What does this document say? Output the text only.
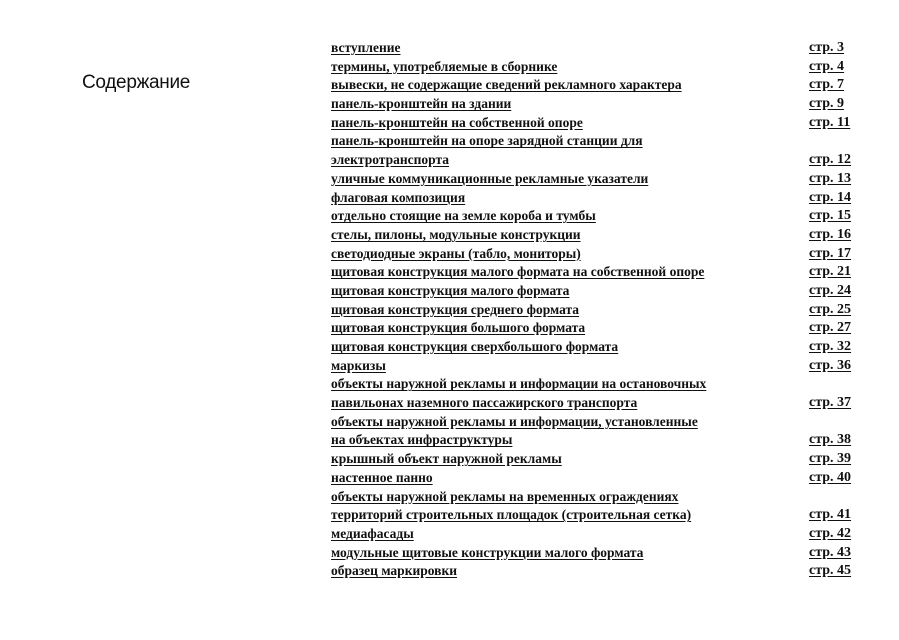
Содержание
вступление	стр. 3
термины, употребляемые в сборнике	стр. 4
вывески, не содержащие сведений рекламного характера	стр. 7
панель-кронштейн на здании	стр. 9
панель-кронштейн на собственной опоре	стр. 11
панель-кронштейн на опоре зарядной станции для
электротранспорта	стр. 12
уличные коммуникационные рекламные указатели	стр. 13
флаговая композиция	стр. 14
отдельно стоящие на земле короба и тумбы	стр. 15
стелы, пилоны, модульные конструкции	стр. 16
светодиодные экраны (табло, мониторы)	стр. 17
щитовая конструкция малого формата на собственной опоре	стр. 21
щитовая конструкция малого формата	стр. 24
щитовая конструкция среднего формата	стр. 25
щитовая конструкция большого формата	стр. 27
щитовая конструкция сверхбольшого формата	стр. 32
маркизы	стр. 36
объекты наружной рекламы и информации на остановочных
павильонах наземного пассажирского транспорта	стр. 37
объекты наружной рекламы и информации, установленные
на объектах инфраструктуры	стр. 38
крышный объект наружной рекламы	стр. 39
настенное панно	стр. 40
объекты наружной рекламы на временных ограждениях
территорий строительных площадок (строительная сетка)	стр. 41
медиафасады	стр. 42
модульные щитовые конструкции малого формата	стр. 43
образец маркировки	стр. 45
